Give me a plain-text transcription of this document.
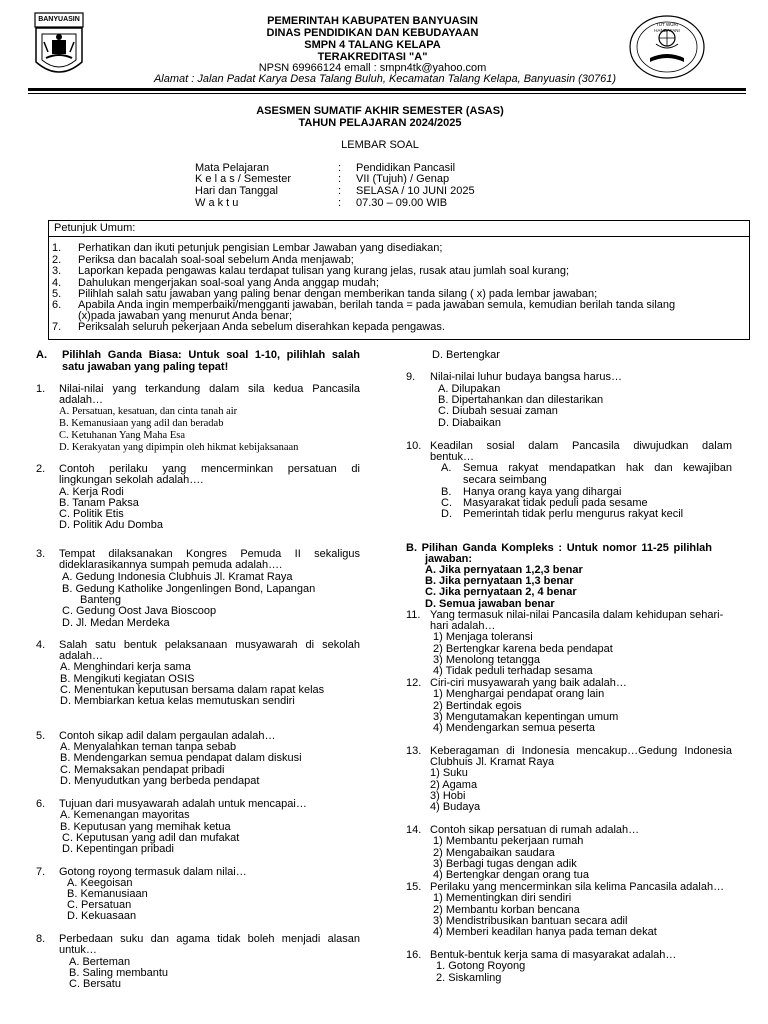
BANYUASIN
TUT WURI HANDAYANI
PEMERINTAH KABUPATEN BANYUASIN
DINAS PENDIDIKAN DAN KEBUDAYAAN
SMPN 4 TALANG KELAPA
TERAKREDITASI "A"
NPSN 69966124 emall : smpn4tk@yahoo.com
Alamat : Jalan Padat Karya Desa Talang Buluh, Kecamatan Talang Kelapa, Banyuasin (30761)
ASESMEN SUMATIF AKHIR SEMESTER (ASAS)
TAHUN PELAJARAN 2024/2025
LEMBAR SOAL
Mata Pelajaran	: Pendidikan Pancasil
K e l a s / Semester	: VII (Tujuh) / Genap
Hari dan Tanggal	: SELASA / 10 JUNI 2025
W a k t u	: 07.30 – 09.00 WIB
Petunjuk Umum:
1. Perhatikan dan ikuti petunjuk pengisian Lembar Jawaban yang disediakan;
2. Periksa dan bacalah soal-soal sebelum Anda menjawab;
3. Laporkan kepada pengawas kalau terdapat tulisan yang kurang jelas, rusak atau jumlah soal kurang;
4. Dahulukan mengerjakan soal-soal yang Anda anggap mudah;
5. Pilihlah salah satu jawaban yang paling benar dengan memberikan tanda silang ( x) pada lembar jawaban;
6. Apabila Anda ingin memperbaiki/mengganti jawaban, berilah tanda = pada jawaban semula, kemudian berilah tanda silang
(x)pada jawaban yang menurut Anda benar;
7. Periksalah seluruh pekerjaan Anda sebelum diserahkan kepada pengawas.
A. Pilihlah Ganda Biasa: Untuk soal 1-10, pilihlah salah
satu jawaban yang paling tepat!
1. Nilai-nilai yang terkandung dalam sila kedua Pancasila
adalah…
A. Persatuan, kesatuan, dan cinta tanah air
B. Kemanusiaan yang adil dan beradab
C. Ketuhanan Yang Maha Esa
D. Kerakyatan yang dipimpin oleh hikmat kebijaksanaan
2. Contoh perilaku yang mencerminkan persatuan di
lingkungan sekolah adalah….
A. Kerja Rodi
B. Tanam Paksa
C. Politik Etis
D. Politik Adu Domba
3. Tempat dilaksanakan Kongres Pemuda II sekaligus
dideklarasikannya sumpah pemuda adalah….
A. Gedung Indonesia Clubhuis Jl. Kramat Raya
B. Gedung Katholike Jongenlingen Bond, Lapangan
Banteng
C. Gedung Oost Java Bioscoop
D. Jl. Medan Merdeka
4. Salah satu bentuk pelaksanaan musyawarah di sekolah
adalah…
A. Menghindari kerja sama
B. Mengikuti kegiatan OSIS
C. Menentukan keputusan bersama dalam rapat kelas
D. Membiarkan ketua kelas memutuskan sendiri
5. Contoh sikap adil dalam pergaulan adalah…
A. Menyalahkan teman tanpa sebab
B. Mendengarkan semua pendapat dalam diskusi
C. Memaksakan pendapat pribadi
D. Menyudutkan yang berbeda pendapat
6. Tujuan dari musyawarah adalah untuk mencapai…
A. Kemenangan mayoritas
B. Keputusan yang memihak ketua
C. Keputusan yang adil dan mufakat
D. Kepentingan pribadi
7. Gotong royong termasuk dalam nilai…
A. Keegoisan
B. Kemanusiaan
C. Persatuan
D. Kekuasaan
8. Perbedaan suku dan agama tidak boleh menjadi alasan
untuk…
A. Berteman
B. Saling membantu
C. Bersatu
D. Bertengkar
9. Nilai-nilai luhur budaya bangsa harus…
A. Dilupakan
B. Dipertahankan dan dilestarikan
C. Diubah sesuai zaman
D. Diabaikan
10. Keadilan sosial dalam Pancasila diwujudkan dalam
bentuk…
A. Semua rakyat mendapatkan hak dan kewajiban
secara seimbang
B. Hanya orang kaya yang dihargai
C. Masyarakat tidak peduli pada sesame
D. Pemerintah tidak perlu mengurus rakyat kecil
B. Pilihan Ganda Kompleks : Untuk nomor 11-25 pilihlah
jawaban:
A. Jika pernyataan 1,2,3 benar
B. Jika pernyataan 1,3 benar
C. Jika pernyataan 2, 4 benar
D. Semua jawaban benar
11. Yang termasuk nilai-nilai Pancasila dalam kehidupan sehari-
hari adalah…
1) Menjaga toleransi
2) Bertengkar karena beda pendapat
3) Menolong tetangga
4) Tidak peduli terhadap sesama
12. Ciri-ciri musyawarah yang baik adalah…
1) Menghargai pendapat orang lain
2) Bertindak egois
3) Mengutamakan kepentingan umum
4) Mendengarkan semua peserta
13. Keberagaman di Indonesia mencakup…Gedung Indonesia
Clubhuis Jl. Kramat Raya
1) Suku
2) Agama
3) Hobi
4) Budaya
14. Contoh sikap persatuan di rumah adalah…
1) Membantu pekerjaan rumah
2) Mengabaikan saudara
3) Berbagi tugas dengan adik
4) Bertengkar dengan orang tua
15. Perilaku yang mencerminkan sila kelima Pancasila adalah…
1) Mementingkan diri sendiri
2) Membantu korban bencana
3) Mendistribusikan bantuan secara adil
4) Memberi keadilan hanya pada teman dekat
16. Bentuk-bentuk kerja sama di masyarakat adalah…
1. Gotong Royong
2. Siskamling
